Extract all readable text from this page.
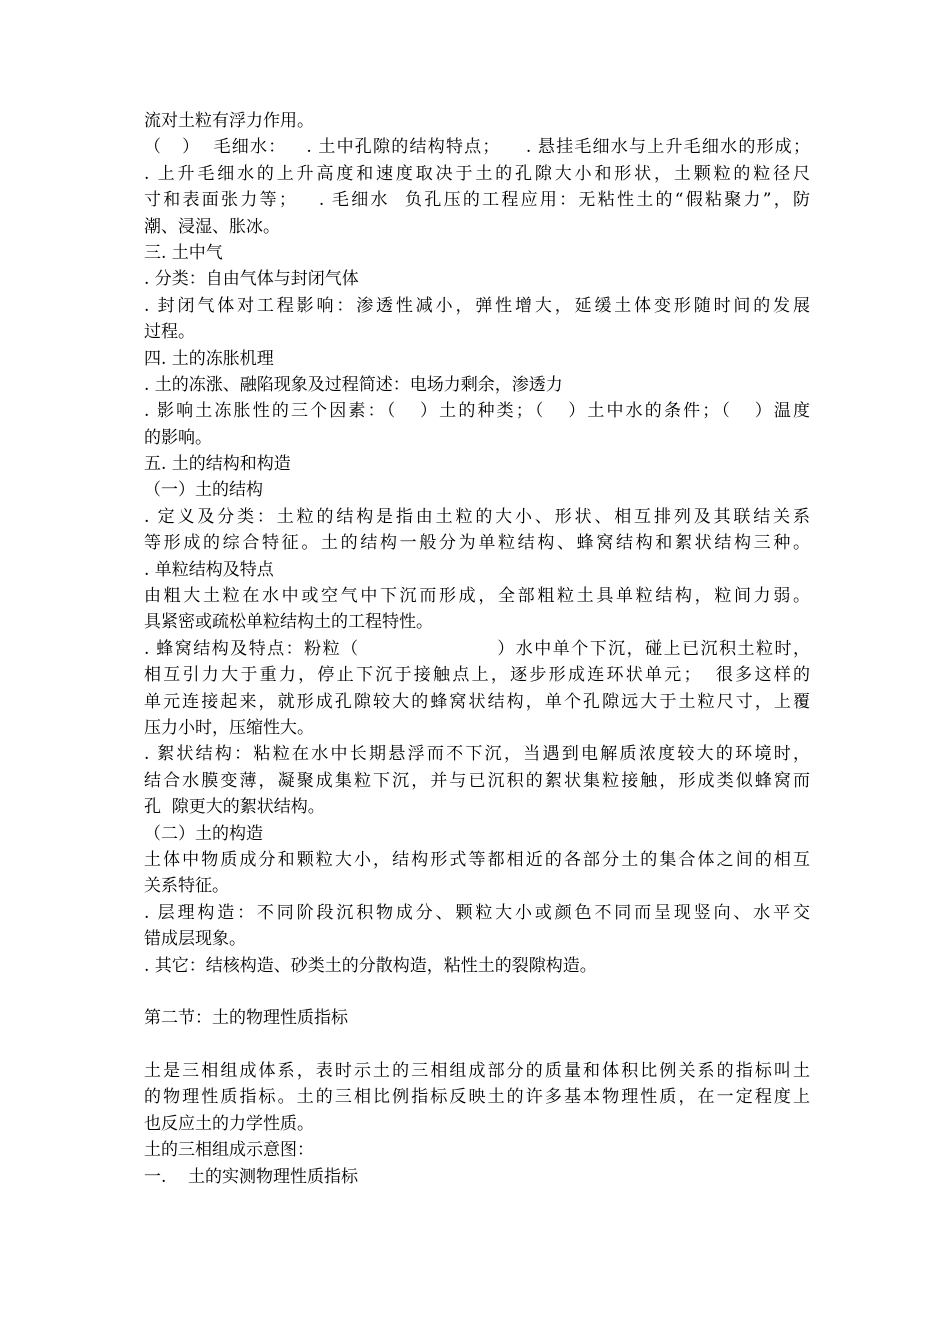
流对土粒有浮力作用。
（   ）  毛细水：   . 土中孔隙的结构特点；    . 悬挂毛细水与上升毛细水的形成；
. 上升毛细水的上升高度和速度取决于土的孔隙大小和形状，土颗粒的粒径尺
寸和表面张力等；   . 毛细水  负孔压的工程应用：无粘性土的“假粘聚力”，防
潮、浸湿、胀冰。
三. 土中气
. 分类：自由气体与封闭气体
. 封闭气体对工程影响：渗透性减小，弹性增大，延缓土体变形随时间的发展
过程。
四. 土的冻胀机理
. 土的冻涨、融陷现象及过程简述：电场力剩余，渗透力
. 影响土冻胀性的三个因素：（   ）土的种类；（   ）土中水的条件；（   ）温度
的影响。
五. 土的结构和构造
（一）土的结构
. 定义及分类：土粒的结构是指由土粒的大小、形状、相互排列及其联结关系
等形成的综合特征。土的结构一般分为单粒结构、蜂窝结构和絮状结构三种。
. 单粒结构及特点
由粗大土粒在水中或空气中下沉而形成，全部粗粒土具单粒结构，粒间力弱。
具紧密或疏松单粒结构土的工程特性。
. 蜂窝结构及特点：粉粒（                    ）水中单个下沉，碰上已沉积土粒时，
相互引力大于重力，停止下沉于接触点上，逐步形成连环状单元；  很多这样的
单元连接起来，就形成孔隙较大的蜂窝状结构，单个孔隙远大于土粒尺寸，上覆
压力小时，压缩性大。
. 絮状结构：粘粒在水中长期悬浮而不下沉，当遇到电解质浓度较大的环境时，
结合水膜变薄，凝聚成集粒下沉，并与已沉积的絮状集粒接触，形成类似蜂窝而
孔  隙更大的絮状结构。
（二）土的构造
土体中物质成分和颗粒大小，结构形式等都相近的各部分土的集合体之间的相互
关系特征。
. 层理构造：不同阶段沉积物成分、颗粒大小或颜色不同而呈现竖向、水平交
错成层现象。
. 其它：结核构造、砂类土的分散构造，粘性土的裂隙构造。
第二节：土的物理性质指标
土是三相组成体系，表时示土的三相组成部分的质量和体积比例关系的指标叫土
的物理性质指标。土的三相比例指标反映土的许多基本物理性质，在一定程度上
也反应土的力学性质。
土的三相组成示意图：
一.    土的实测物理性质指标
